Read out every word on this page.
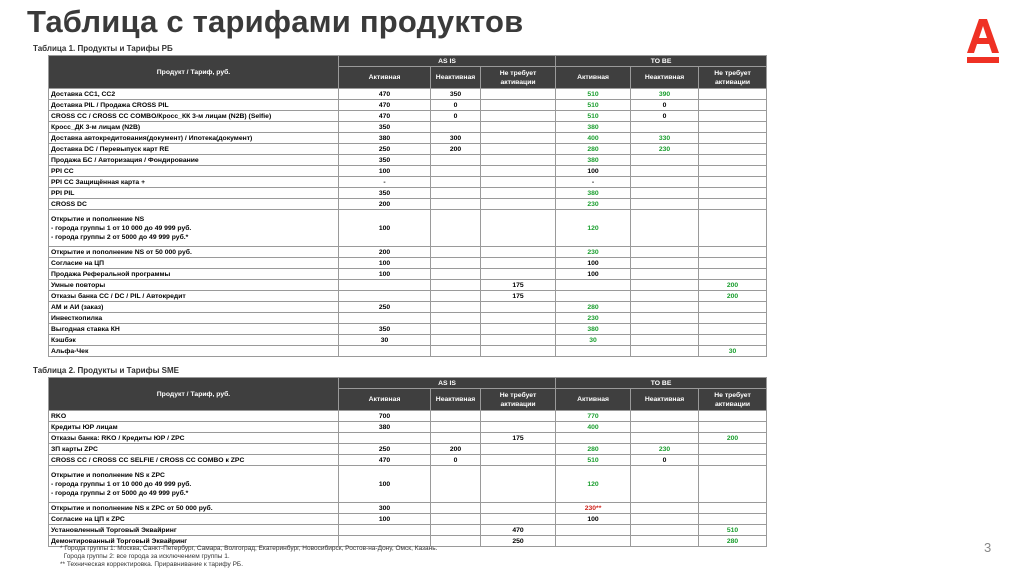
Таблица с тарифами продуктов
Таблица 1. Продукты и Тарифы РБ
Продукт / Тариф, руб.	AS IS			TO BE		
	Активная	Неактивная	Не требует активации	Активная	Неактивная	Не требует активации
Доставка СС1, СС2	470	350		510	390	
Доставка PIL / Продажа CROSS PIL	470	0		510	0	
CROSS CC / CROSS CC COMBO/Кросс_КК 3-м лицам (N2B) (Selfie)	470	0		510	0	
Кросс_ДК 3-м лицам (N2B)	350			380		
Доставка автокредитования(документ) / Ипотека(документ)	380	300		400	330	
Доставка DC / Перевыпуск карт RE	250	200		280	230	
Продажа БС / Авторизация / Фондирование	350			380		
PPI CC	100			100		
PPI CC Защищённая карта +	-			-		
PPI PIL	350			380		
CROSS DC	200			230		
Открытие и пополнение NS
- города группы 1 от 10 000 до 49 999 руб.
- города группы 2 от 5000 до 49 999 руб.*	100			120		
Открытие и пополнение NS от 50 000 руб.	200			230		
Согласие на ЦП	100			100		
Продажа Реферальной программы	100			100		
Умные повторы			175			200
Отказы банка CC / DC / PIL / Автокредит			175			200
АМ и АИ (заказ)	250			280		
Инвесткопилка				230		
Выгодная ставка КН	350			380		
Кэшбэк	30			30		
Альфа-Чек						30
Таблица 2. Продукты и Тарифы SME
Продукт / Тариф, руб.	AS IS			TO BE		
	Активная	Неактивная	Не требует активации	Активная	Неактивная	Не требует активации
RKO	700			770		
Кредиты ЮР лицам	380			400		
Отказы банка: RKO / Кредиты ЮР / ZPC			175			200
ЗП карты ZPC	250	200		280	230	
CROSS CC / CROSS CC SELFIE / CROSS CC COMBO к ZPC	470	0		510	0	
Открытие и пополнение NS к ZPC
- города группы 1 от 10 000 до 49 999 руб.
- города группы 2 от 5000 до 49 999 руб.*	100			120		
Открытие и пополнение NS к ZPC от 50 000 руб.	300			230**		
Согласие на ЦП к ZPC	100			100		
Установленный Торговый Эквайринг			470			510
Демонтированный Торговый Эквайринг			250			280
* Города группы 1: Москва, Санкт-Петербург, Самара, Волгоград, Екатеринбург, Новосибирск, Ростов-на-Дону, Омск, Казань.
Города группы 2: все города за исключением группы 1.
** Техническая корректировка. Приравнивание к тарифу РБ.
3
